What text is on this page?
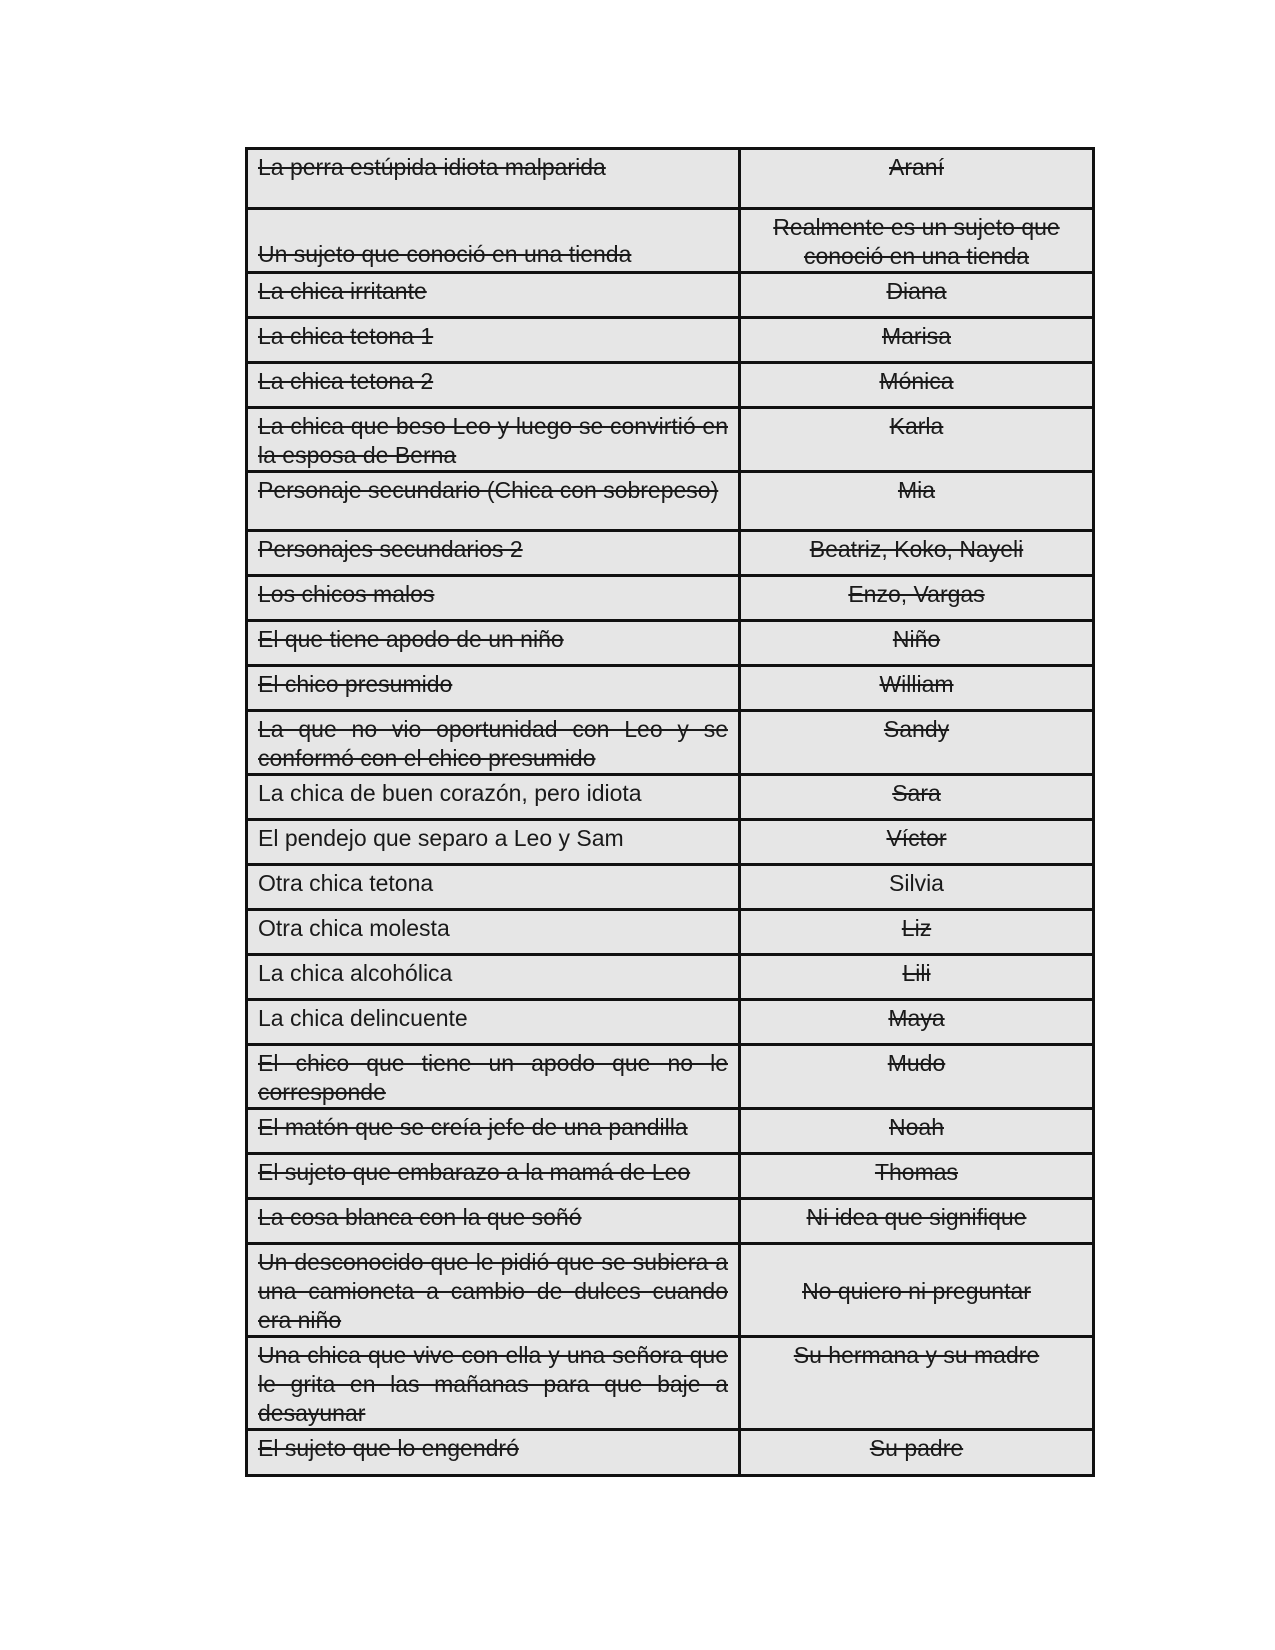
La perra estúpida idiota malparida	Araní
Un sujeto que conoció en una tienda	Realmente es un sujeto que conoció en una tienda
La chica irritante	Diana
La chica tetona 1	Marisa
La chica tetona 2	Mónica
La chica que beso Leo y luego se convirtió en la esposa de Berna	Karla
Personaje secundario (Chica con sobrepeso)	Mia
Personajes secundarios 2	Beatriz, Koko, Nayeli
Los chicos malos	Enzo, Vargas
El que tiene apodo de un niño	Niño
El chico presumido	William
La que no vio oportunidad con Leo y se conformó con el chico presumido	Sandy
La chica de buen corazón, pero idiota	Sara
El pendejo que separo a Leo y Sam	Víctor
Otra chica tetona	Silvia
Otra chica molesta	Liz
La chica alcohólica	Lili
La chica delincuente	Maya
El chico que tiene un apodo que no le corresponde	Mudo
El matón que se creía jefe de una pandilla	Noah
El sujeto que embarazo a la mamá de Leo	Thomas
La cosa blanca con la que soñó	Ni idea que signifique
Un desconocido que le pidió que se subiera a una camioneta a cambio de dulces cuando era niño	No quiero ni preguntar
Una chica que vive con ella y una señora que le grita en las mañanas para que baje a desayunar	Su hermana y su madre
El sujeto que lo engendró	Su padre
